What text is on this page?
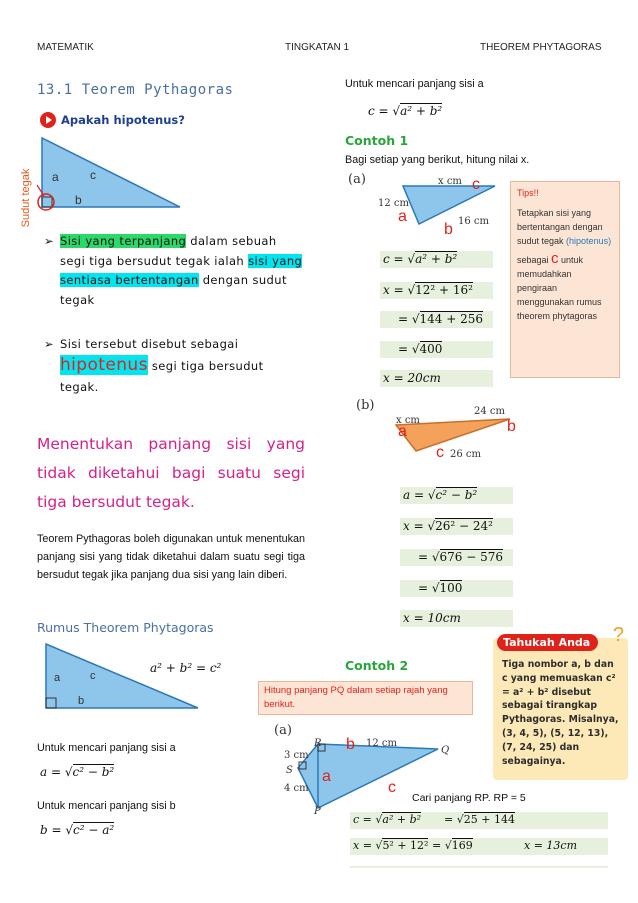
MATEMATIK	TINGKATAN 1	THEOREM PHYTAGORAS
13.1 Teorem Pythagoras
Apakah hipotenus?
Sudut tegak a	c
b
➢ Sisi yang terpanjang dalam sebuah segi tiga bersudut tegak ialah sisi yang sentiasa bertentangan dengan sudut tegak
➢ Sisi tersebut disebut sebagai hipotenus segi tiga bersudut tegak.
Menentukan panjang sisi yang tidak diketahui bagi suatu segi tiga bersudut tegak.
Teorem Pythagoras boleh digunakan untuk menentukan panjang sisi yang tidak diketahui dalam suatu segi tiga bersudut tegak jika panjang dua sisi yang lain diberi.
Rumus Theorem Phytagoras
a	c
b
a² + b² = c²
Untuk mencari panjang sisi a
a = √c² − b²
Untuk mencari panjang sisi b
b = √c² − a²
Untuk mencari panjang sisi a
c = √a² + b²
Contoh 1
Bagi setiap yang berikut, hitung nilai x.
(a)	x cm
12 cm
16 cm
c
a
b
c = √a² + b²
x = √12² + 16²
= √144 + 256
= √400
x = 20cm
Tips!!
Tetapkan sisi yang bertentangan dengan sudut tegak (hipotenus)
sebagai c untuk memudahkan pengiraan menggunakan rumus theorem phytagoras
(b)
x cm
24 cm
26 cm
a	b
c
a = √c² − b²
x = √26² − 24²
= √676 − 576
= √100
x = 10cm
Tahukah Anda	?
Tiga nombor a, b dan c yang memuaskan c² = a² + b² disebut sebagai tirangkap Pythagoras. Misalnya, (3, 4, 5), (5, 12, 13), (7, 24, 25) dan sebagainya.
Contoh 2
Hitung panjang PQ dalam setiap rajah yang berikut.
(a)
R
S
P
Q
3 cm
4 cm
12 cm
b
a
c
Cari panjang RP. RP = 5
c = √a² + b² = √25 + 144
x = √5² + 12² = √169	x = 13cm
